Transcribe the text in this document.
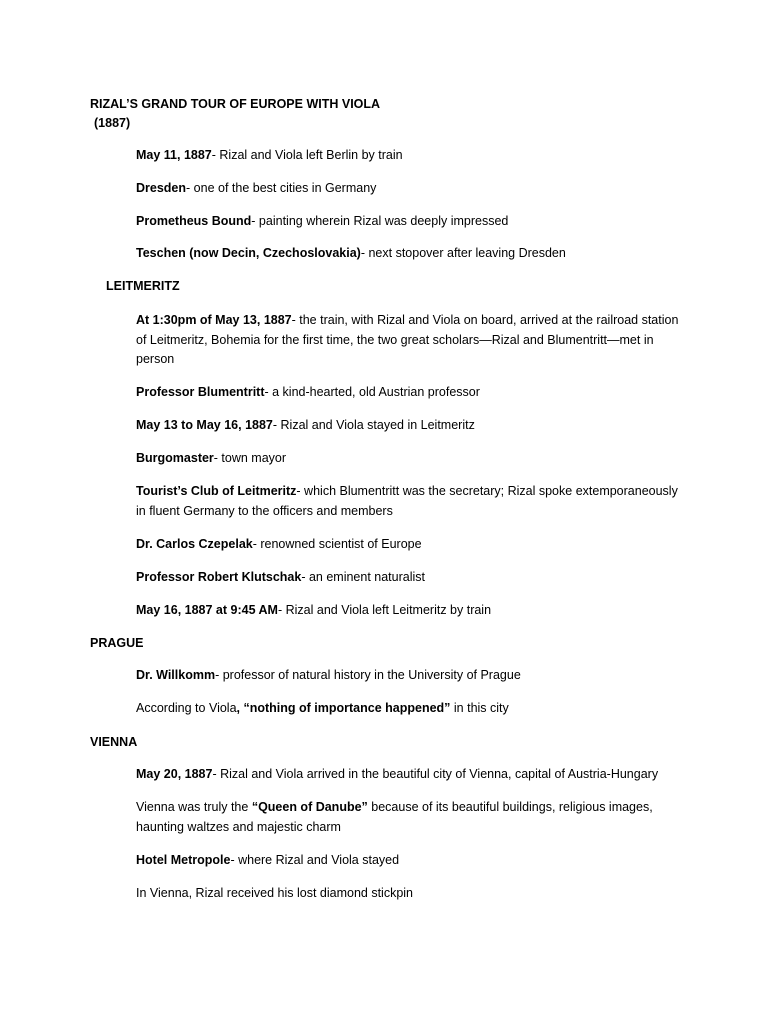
RIZAL’S GRAND TOUR OF EUROPE WITH VIOLA
(1887)
May 11, 1887- Rizal and Viola left Berlin by train
Dresden- one of the best cities in Germany
Prometheus Bound- painting wherein Rizal was deeply impressed
Teschen (now Decin, Czechoslovakia)- next stopover after leaving Dresden
LEITMERITZ
At 1:30pm of May 13, 1887- the train, with Rizal and Viola on board, arrived at the railroad station of Leitmeritz, Bohemia for the first time, the two great scholars—Rizal and Blumentritt—met in person
Professor Blumentritt- a kind-hearted, old Austrian professor
May 13 to May 16, 1887- Rizal and Viola stayed in Leitmeritz
Burgomaster- town mayor
Tourist’s Club of Leitmeritz- which Blumentritt was the secretary; Rizal spoke extemporaneously in fluent Germany to the officers and members
Dr. Carlos Czepelak- renowned scientist of Europe
Professor Robert Klutschak- an eminent naturalist
May 16, 1887 at 9:45 AM- Rizal and Viola left Leitmeritz by train
PRAGUE
Dr. Willkomm- professor of natural history in the University of Prague
According to Viola, “nothing of importance happened” in this city
VIENNA
May 20, 1887- Rizal and Viola arrived in the beautiful city of Vienna, capital of Austria-Hungary
Vienna was truly the “Queen of Danube” because of its beautiful buildings, religious images, haunting waltzes and majestic charm
Hotel Metropole- where Rizal and Viola stayed
In Vienna, Rizal received his lost diamond stickpin
